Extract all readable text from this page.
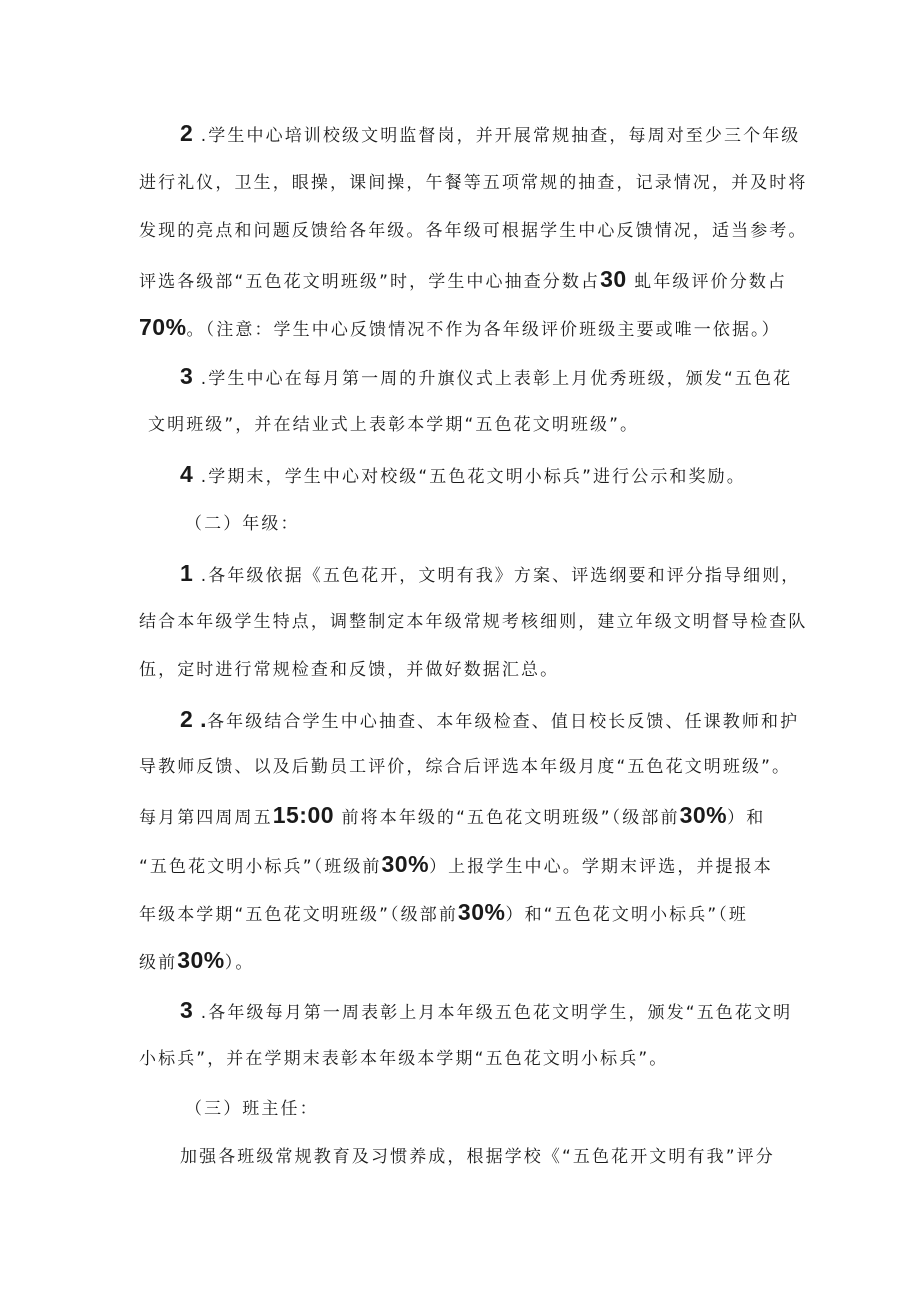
2 .学生中心培训校级文明监督岗，并开展常规抽查，每周对至少三个年级
进行礼仪，卫生，眼操，课间操，午餐等五项常规的抽查，记录情况，并及时将
发现的亮点和问题反馈给各年级。各年级可根据学生中心反馈情况，适当参考。
评选各级部“五色花文明班级”时，学生中心抽查分数占30 虬年级评价分数占
70%。（注意：学生中心反馈情况不作为各年级评价班级主要或唯一依据。）
3 .学生中心在每月第一周的升旗仪式上表彰上月优秀班级，颁发“五色花
文明班级”，并在结业式上表彰本学期“五色花文明班级”。
4 .学期末，学生中心对校级“五色花文明小标兵”进行公示和奖励。
（二）年级：
1 .各年级依据《五色花开，文明有我》方案、评选纲要和评分指导细则，
结合本年级学生特点，调整制定本年级常规考核细则，建立年级文明督导检查队
伍，定时进行常规检查和反馈，并做好数据汇总。
2 .各年级结合学生中心抽查、本年级检查、值日校长反馈、任课教师和护
导教师反馈、以及后勤员工评价，综合后评选本年级月度“五色花文明班级”。
每月第四周周五15:00 前将本年级的“五色花文明班级”（级部前30%）和
“五色花文明小标兵”（班级前30%）上报学生中心。学期末评选，并提报本
年级本学期“五色花文明班级”（级部前30%）和“五色花文明小标兵”（班
级前30%）。
3 .各年级每月第一周表彰上月本年级五色花文明学生，颁发“五色花文明
小标兵”，并在学期末表彰本年级本学期“五色花文明小标兵”。
（三）班主任：
加强各班级常规教育及习惯养成，根据学校《“五色花开文明有我”评分
